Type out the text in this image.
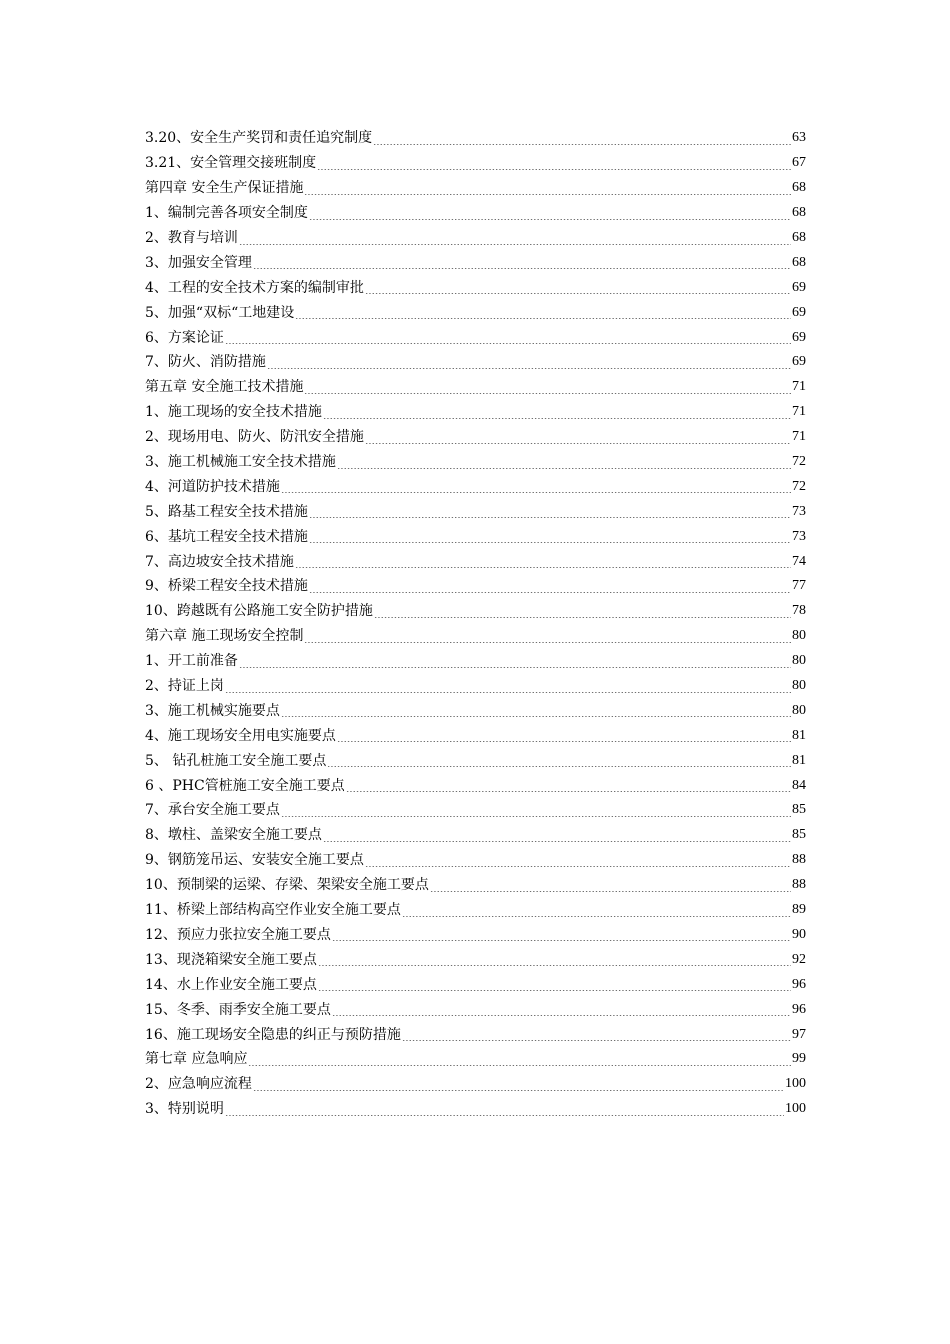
3.20、安全生产奖罚和责任追究制度	63
3.21、安全管理交接班制度	67
第四章 安全生产保证措施	68
1、编制完善各项安全制度	68
2、教育与培训	68
3、加强安全管理	68
4、工程的安全技术方案的编制审批	69
5、加强“双标“工地建设	69
6、方案论证	69
7、防火、消防措施	69
第五章 安全施工技术措施	71
1、施工现场的安全技术措施	71
2、现场用电、防火、防汛安全措施	71
3、施工机械施工安全技术措施	72
4、河道防护技术措施	72
5、路基工程安全技术措施	73
6、基坑工程安全技术措施	73
7、高边坡安全技术措施	74
9、桥梁工程安全技术措施	77
10、跨越既有公路施工安全防护措施	78
第六章 施工现场安全控制	80
1、开工前准备	80
2、持证上岗	80
3、施工机械实施要点	80
4、施工现场安全用电实施要点	81
5、 钻孔桩施工安全施工要点	81
6 、PHC管桩施工安全施工要点	84
7、承台安全施工要点	85
8、墩柱、盖梁安全施工要点	85
9、钢筋笼吊运、安装安全施工要点	88
10、预制梁的运梁、存梁、架梁安全施工要点	88
11、桥梁上部结构高空作业安全施工要点	89
12、预应力张拉安全施工要点	90
13、现浇箱梁安全施工要点	92
14、水上作业安全施工要点	96
15、冬季、雨季安全施工要点	96
16、施工现场安全隐患的纠正与预防措施	97
第七章 应急响应	99
2、应急响应流程	100
3、特别说明	100
